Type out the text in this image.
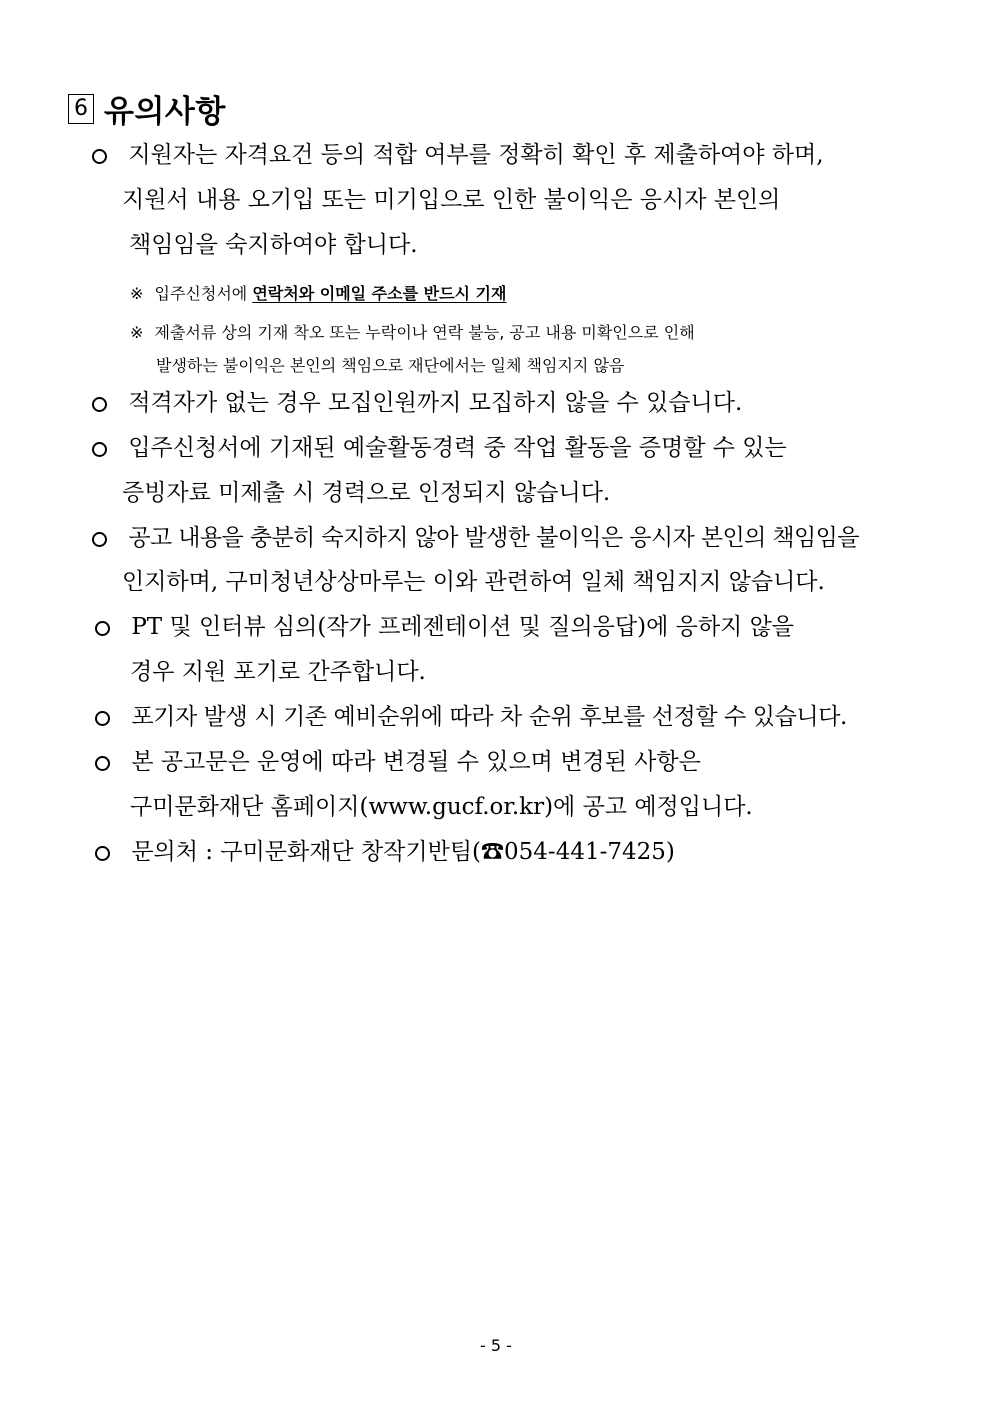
6 유의사항
지원자는 자격요건 등의 적합 여부를 정확히 확인 후 제출하여야 하며,
지원서 내용 오기입 또는 미기입으로 인한 불이익은 응시자 본인의
책임임을 숙지하여야 합니다.
※ 입주신청서에 연락처와 이메일 주소를 반드시 기재
※ 제출서류 상의 기재 착오 또는 누락이나 연락 불능, 공고 내용 미확인으로 인해
발생하는 불이익은 본인의 책임으로 재단에서는 일체 책임지지 않음
적격자가 없는 경우 모집인원까지 모집하지 않을 수 있습니다.
입주신청서에 기재된 예술활동경력 중 작업 활동을 증명할 수 있는
증빙자료 미제출 시 경력으로 인정되지 않습니다.
공고 내용을 충분히 숙지하지 않아 발생한 불이익은 응시자 본인의 책임임을
인지하며, 구미청년상상마루는 이와 관련하여 일체 책임지지 않습니다.
PT 및 인터뷰 심의(작가 프레젠테이션 및 질의응답)에 응하지 않을
경우 지원 포기로 간주합니다.
포기자 발생 시 기존 예비순위에 따라 차 순위 후보를 선정할 수 있습니다.
본 공고문은 운영에 따라 변경될 수 있으며 변경된 사항은
구미문화재단 홈페이지(www.gucf.or.kr)에 공고 예정입니다.
문의처 : 구미문화재단 창작기반팀(☎054-441-7425)
- 5 -
